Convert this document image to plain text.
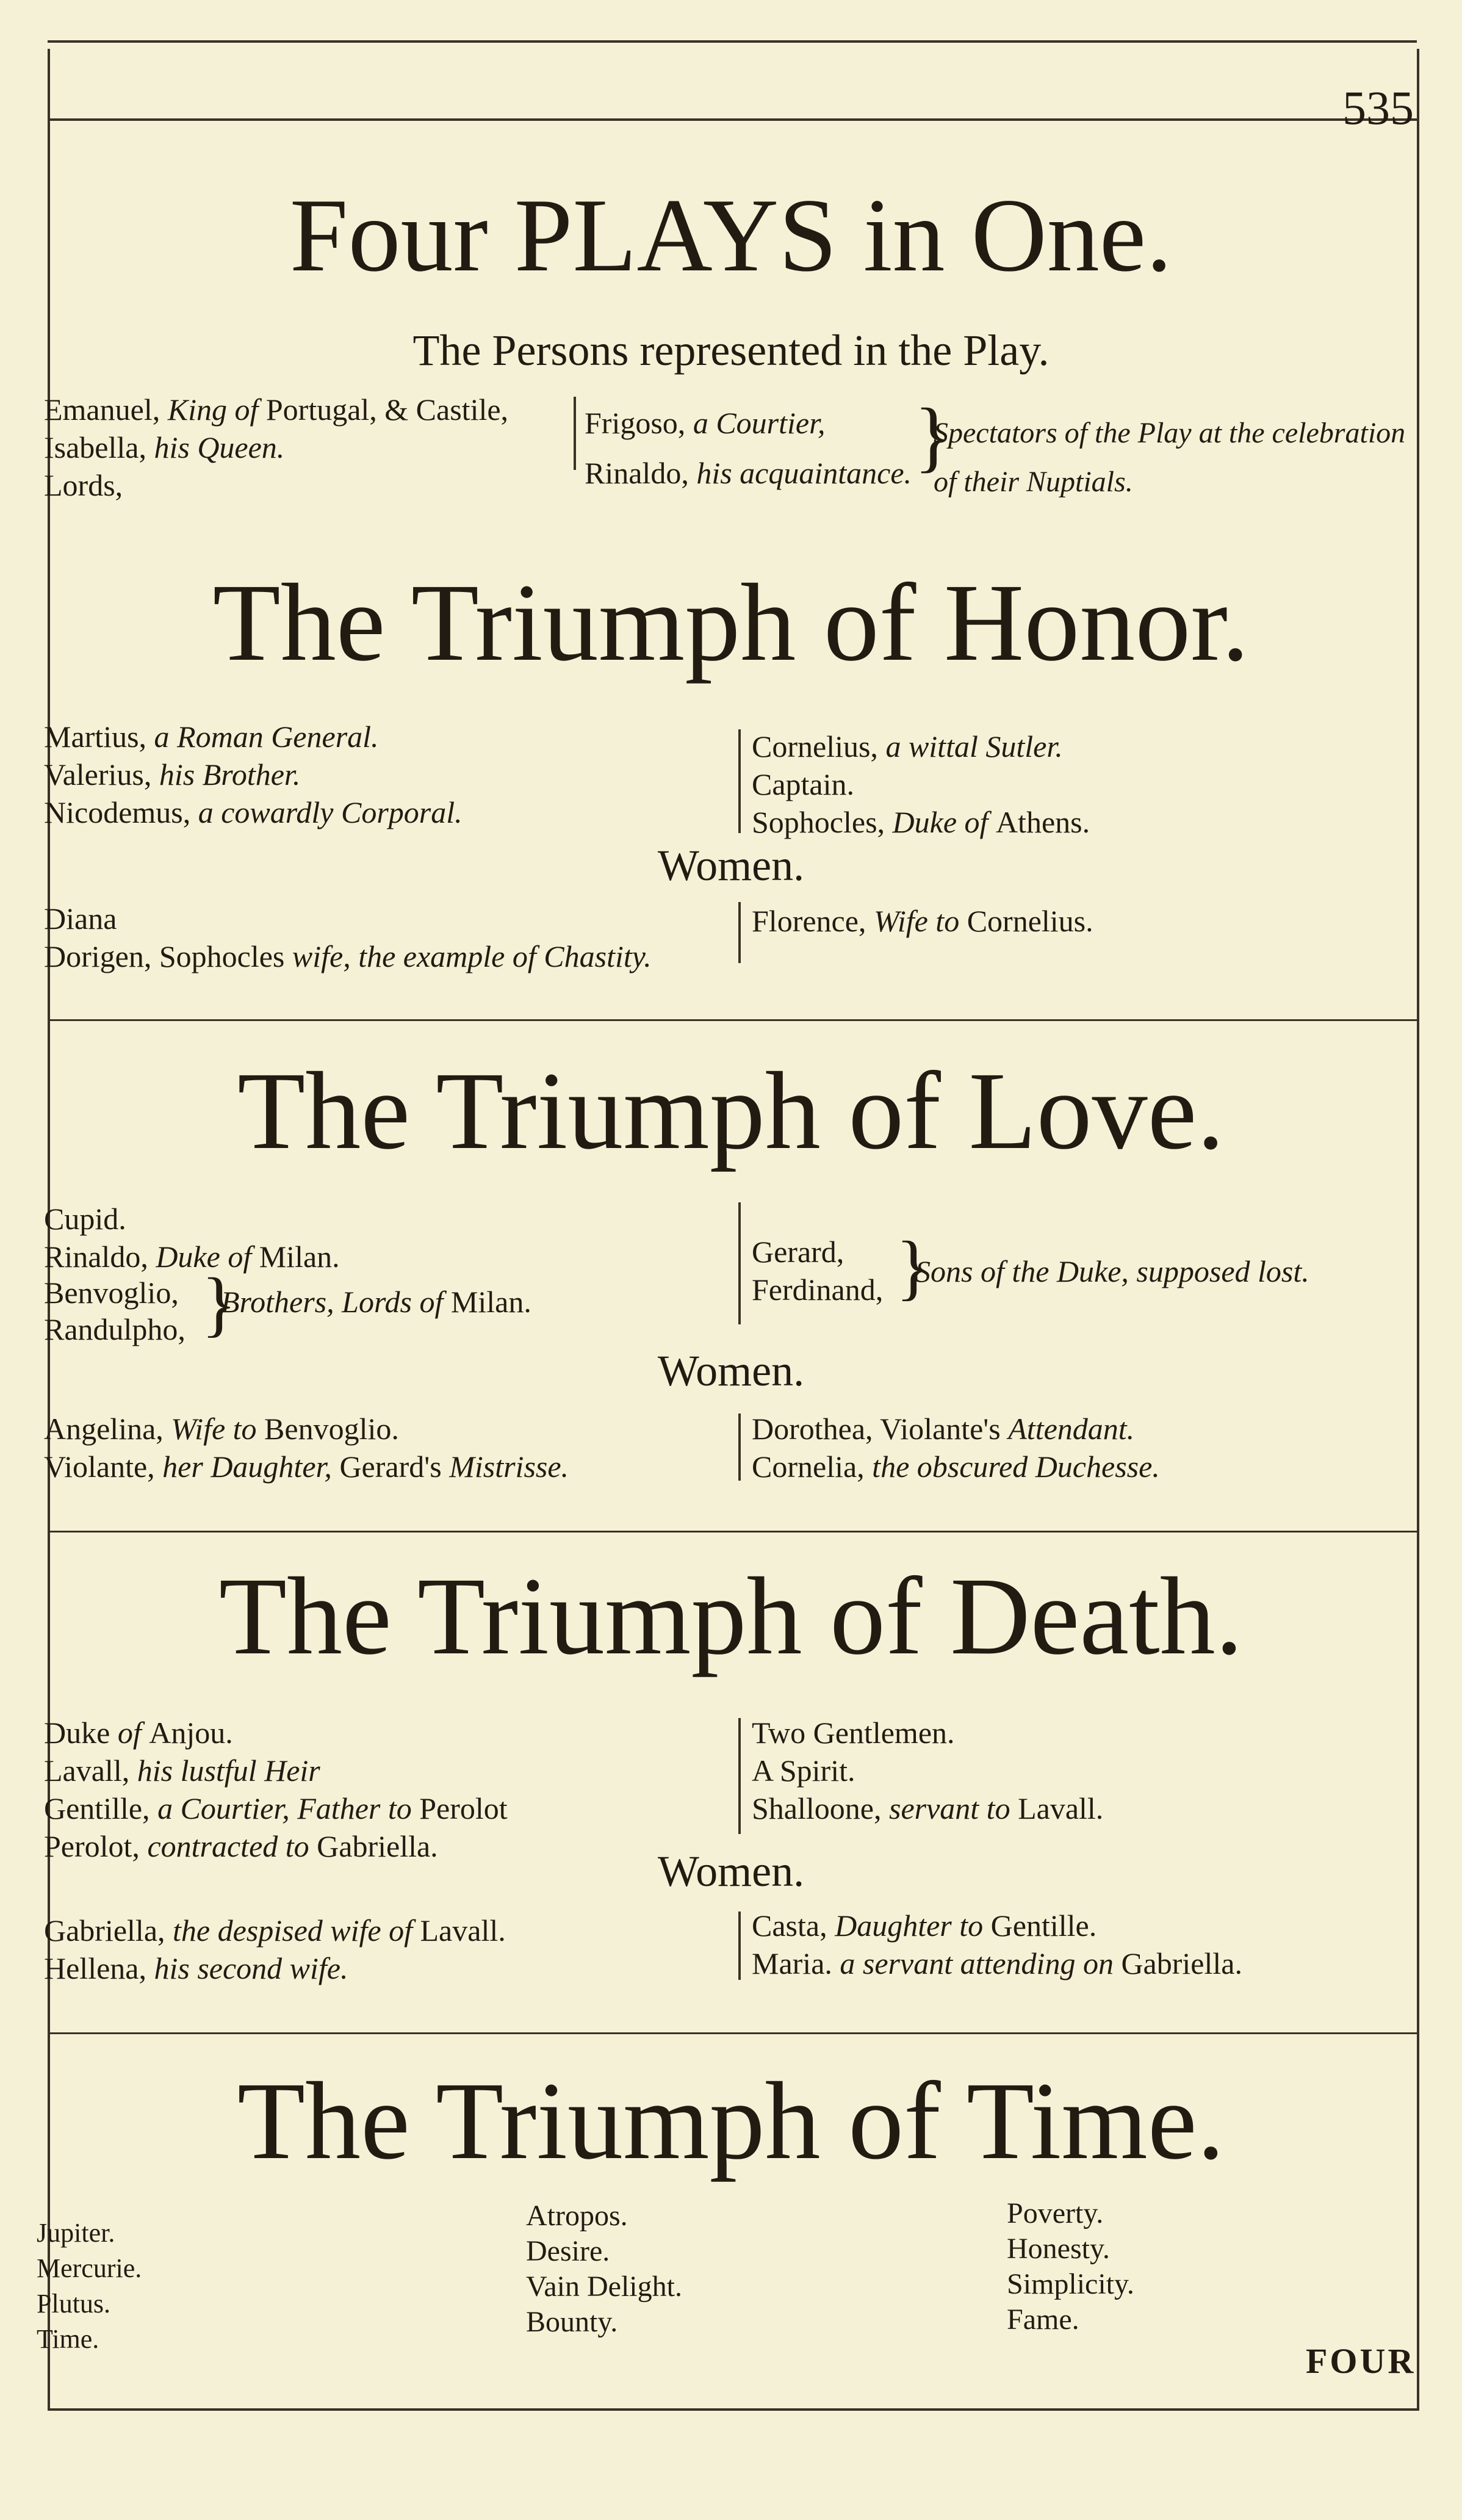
535
Four PLAYS in One.
The Persons represented in the Play.
Emanuel, King of Portugal, & Castile,
Isabella, his Queen.
Lords,
Frigoso, a Courtier,
Rinaldo, his acquaintance. }
Spectators of the Play at the celebration
of their Nuptials.
The Triumph of Honor.
Martius, a Roman General.
Valerius, his Brother.
Nicodemus, a cowardly Corporal.
Cornelius, a wittal Sutler.
Captain.
Sophocles, Duke of Athens.
Women.
Diana
Dorigen, Sophocles wife, the example of Chastity.
Florence, Wife to Cornelius.
The Triumph of Love.
Cupid.
Rinaldo, Duke of Milan.
Benvoglio,
Randulpho, }
Brothers, Lords of Milan.
Gerard,
Ferdinand, }
Sons of the Duke, supposed lost.
Women.
Angelina, Wife to Benvoglio.
Violante, her Daughter, Gerard's Mistrisse.
Dorothea, Violante's Attendant.
Cornelia, the obscured Duchesse.
The Triumph of Death.
Duke of Anjou.
Lavall, his lustful Heir
Gentille, a Courtier, Father to Perolot
Perolot, contracted to Gabriella.
Two Gentlemen.
A Spirit.
Shalloone, servant to Lavall.
Women.
Gabriella, the despised wife of Lavall.
Hellena, his second wife.
Casta, Daughter to Gentille.
Maria. a servant attending on Gabriella.
The Triumph of Time.
Jupiter.
Mercurie.
Plutus.
Time.
Atropos.
Desire.
Vain Delight.
Bounty.
Poverty.
Honesty.
Simplicity.
Fame.
FOUR
